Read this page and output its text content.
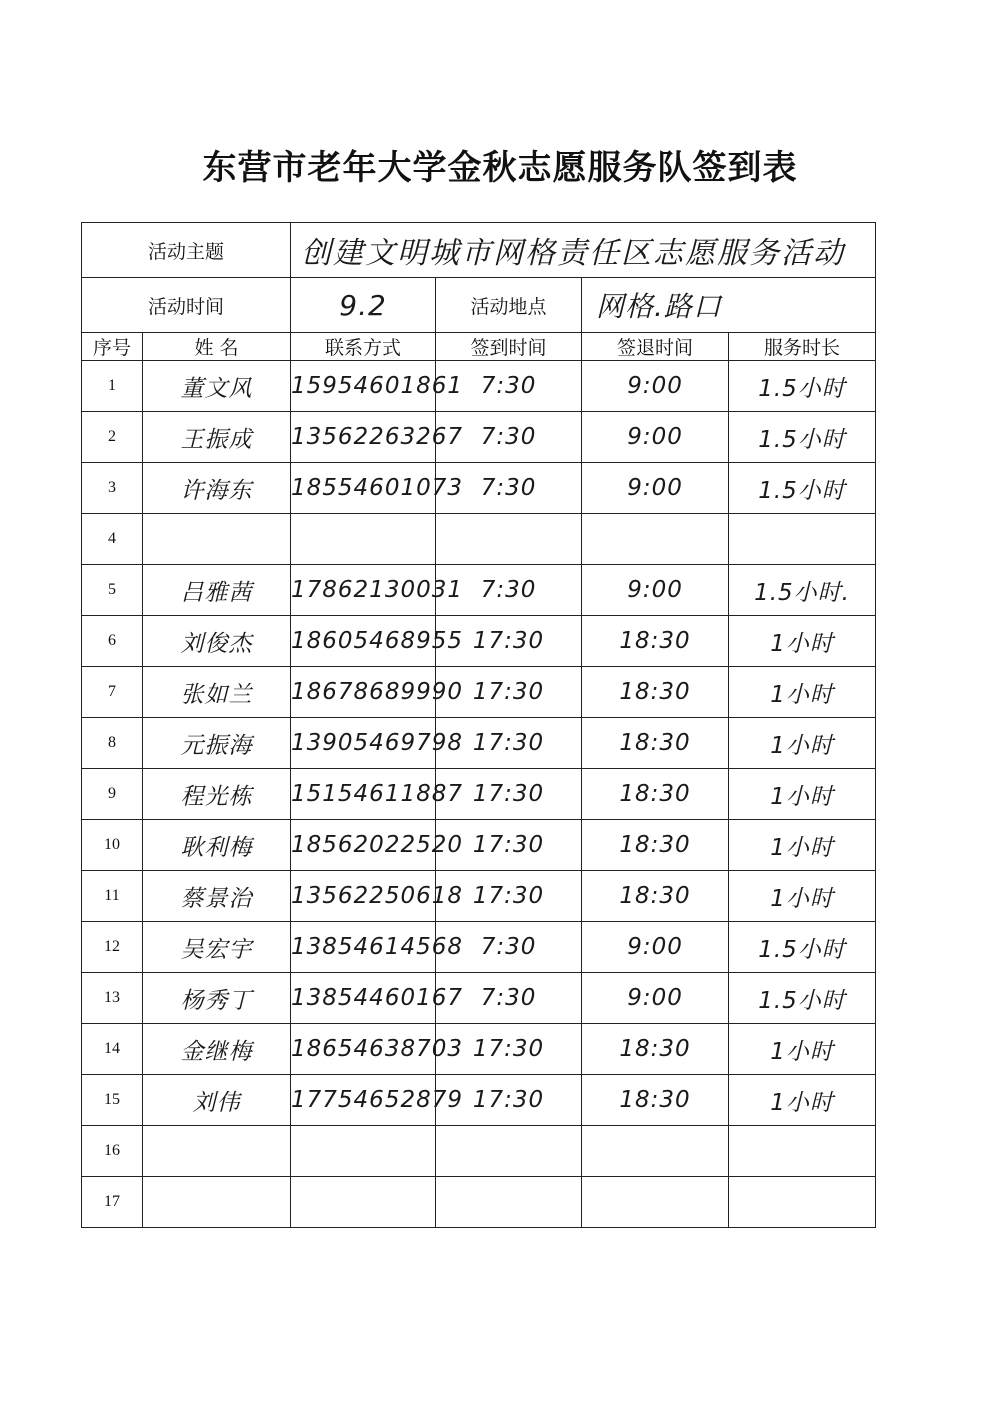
东营市老年大学金秋志愿服务队签到表
活动主题		创建文明城市网格责任区志愿服务活动			
活动时间		9.2	活动地点	网格.路口	
序号	姓 名	联系方式	签到时间	签退时间	服务时长
1	董文风	15954601861	7:30	9:00	1.5小时
2	王振成	13562263267	7:30	9:00	1.5小时
3	许海东	18554601073	7:30	9:00	1.5小时
4					
5	吕雅茜	17862130031	7:30	9:00	1.5小时.
6	刘俊杰	18605468955	17:30	18:30	1小时
7	张如兰	18678689990	17:30	18:30	1小时
8	元振海	13905469798	17:30	18:30	1小时
9	程光栋	15154611887	17:30	18:30	1小时
10	耿利梅	18562022520	17:30	18:30	1小时
11	蔡景治	13562250618	17:30	18:30	1小时
12	吴宏宇	13854614568	7:30	9:00	1.5小时
13	杨秀丁	13854460167	7:30	9:00	1.5小时
14	金继梅	18654638703	17:30	18:30	1小时
15	刘伟	17754652879	17:30	18:30	1小时
16					
17					
